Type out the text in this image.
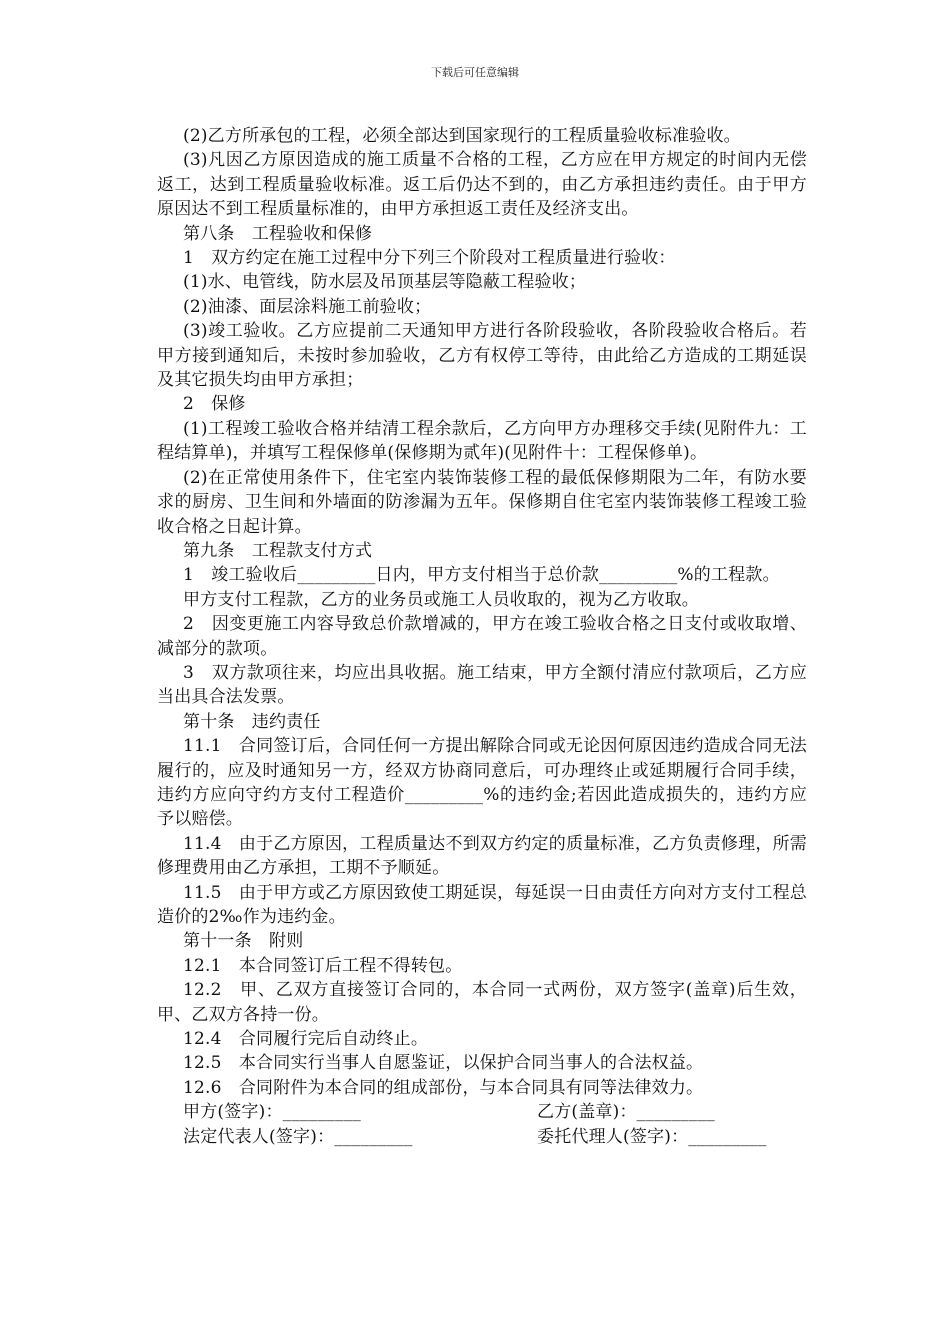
下载后可任意编辑

(2)乙方所承包的工程，必须全部达到国家现行的工程质量验收标准验收。

(3)凡因乙方原因造成的施工质量不合格的工程，乙方应在甲方规定的时间内无偿返工，达到工程质量验收标准。返工后仍达不到的，由乙方承担违约责任。由于甲方原因达不到工程质量标准的，由甲方承担返工责任及经济支出。

第八条　工程验收和保修

1　双方约定在施工过程中分下列三个阶段对工程质量进行验收：

(1)水、电管线，防水层及吊顶基层等隐蔽工程验收；

(2)油漆、面层涂料施工前验收；

(3)竣工验收。乙方应提前二天通知甲方进行各阶段验收，各阶段验收合格后。若甲方接到通知后，未按时参加验收，乙方有权停工等待，由此给乙方造成的工期延误及其它损失均由甲方承担；

2　保修

(1)工程竣工验收合格并结清工程余款后，乙方向甲方办理移交手续(见附件九：工程结算单)，并填写工程保修单(保修期为贰年)(见附件十：工程保修单)。

(2)在正常使用条件下，住宅室内装饰装修工程的最低保修期限为二年，有防水要求的厨房、卫生间和外墙面的防渗漏为五年。保修期自住宅室内装饰装修工程竣工验收合格之日起计算。

第九条　工程款支付方式

1　竣工验收后_________日内，甲方支付相当于总价款_________%的工程款。

甲方支付工程款，乙方的业务员或施工人员收取的，视为乙方收取。

2　因变更施工内容导致总价款增减的，甲方在竣工验收合格之日支付或收取增、减部分的款项。

3　双方款项往来，均应出具收据。施工结束，甲方全额付清应付款项后，乙方应当出具合法发票。

第十条　违约责任

11.1　合同签订后，合同任何一方提出解除合同或无论因何原因违约造成合同无法履行的，应及时通知另一方，经双方协商同意后，可办理终止或延期履行合同手续，违约方应向守约方支付工程造价_________%的违约金;若因此造成损失的，违约方应予以赔偿。

11.4　由于乙方原因，工程质量达不到双方约定的质量标准，乙方负责修理，所需修理费用由乙方承担，工期不予顺延。

11.5　由于甲方或乙方原因致使工期延误，每延误一日由责任方向对方支付工程总造价的2‰作为违约金。

第十一条　附则

12.1　本合同签订后工程不得转包。

12.2　甲、乙双方直接签订合同的，本合同一式两份，双方签字(盖章)后生效，甲、乙双方各持一份。

12.4　合同履行完后自动终止。

12.5　本合同实行当事人自愿鉴证，以保护合同当事人的合法权益。

12.6　合同附件为本合同的组成部份，与本合同具有同等法律效力。

甲方(签字)：_________	乙方(盖章)：_________
法定代表人(签字)：_________	委托代理人(签字)：_________
